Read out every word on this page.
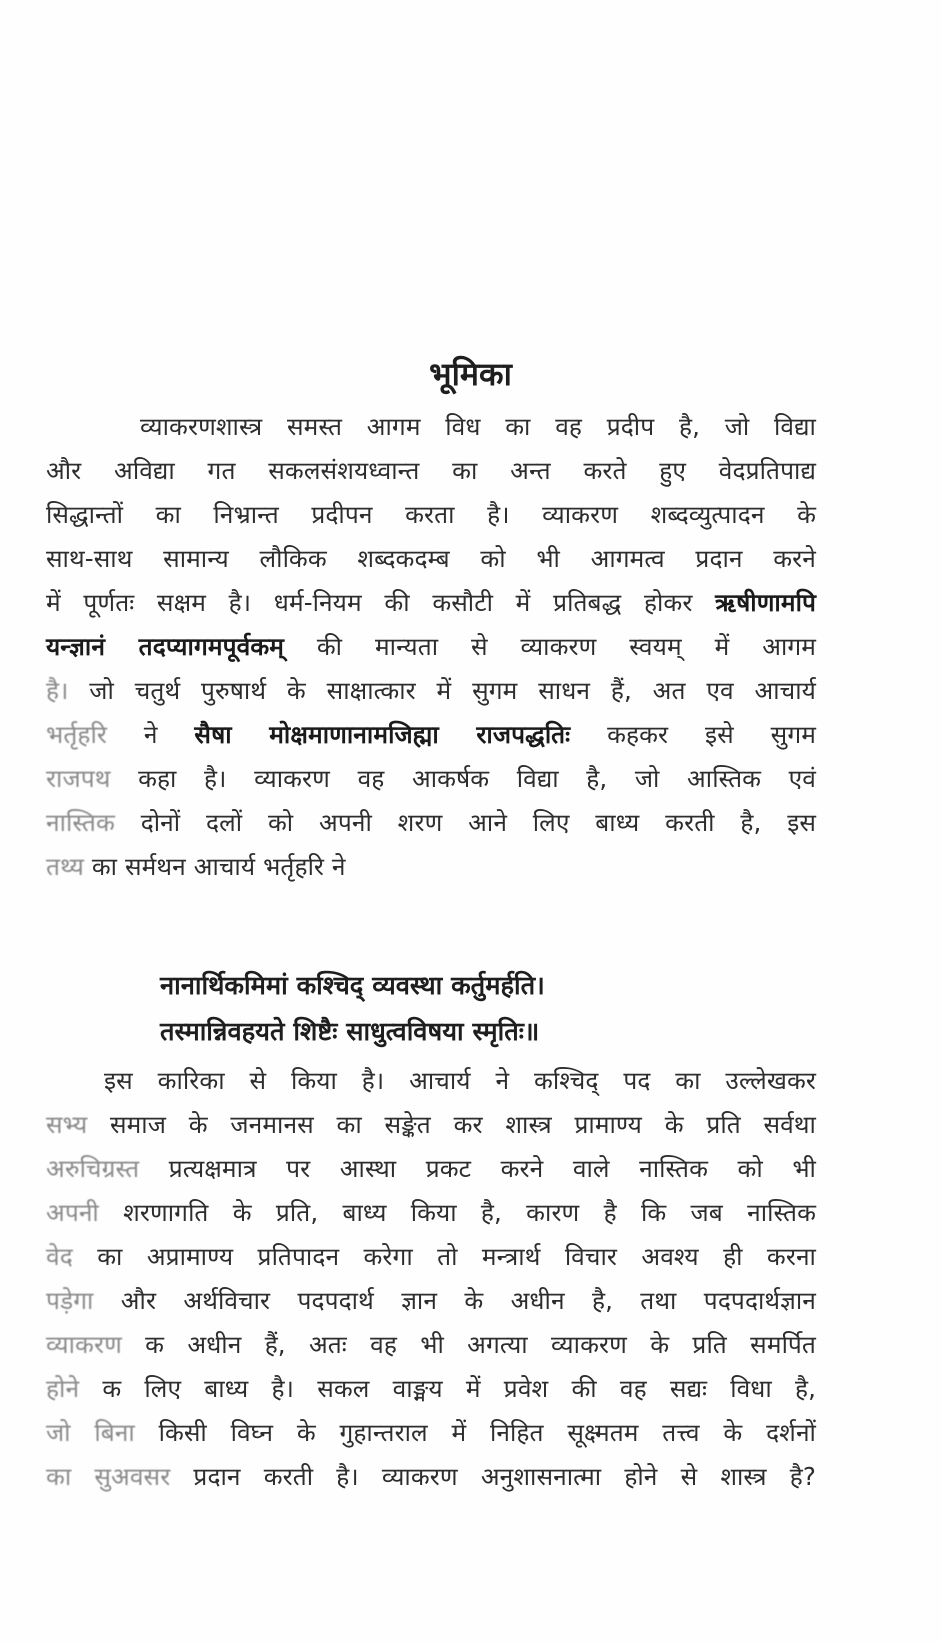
भूमिका
व्याकरणशास्त्र समस्त आगम विध का वह प्रदीप है, जो विद्या
और अविद्या गत सकलसंशयध्वान्त का अन्त करते हुए वेदप्रतिपाद्य
सिद्धान्तों का निभ्रान्त प्रदीपन करता है। व्याकरण शब्दव्युत्पादन के
साथ-साथ सामान्य लौकिक शब्दकदम्ब को भी आगमत्व प्रदान करने
में पूर्णतः सक्षम है। धर्म-नियम की कसौटी में प्रतिबद्ध होकर ऋषीणामपि
यन्ज्ञानं तदप्यागमपूर्वकम् की मान्यता से व्याकरण स्वयम् में आगम
है। जो चतुर्थ पुरुषार्थ के साक्षात्कार में सुगम साधन हैं, अत एव आचार्य
भर्तृहरि ने सैषा मोक्षमाणानामजिह्मा राजपद्धतिः कहकर इसे सुगम
राजपथ कहा है। व्याकरण वह आकर्षक विद्या है, जो आस्तिक एवं
नास्तिक दोनों दलों को अपनी शरण आने लिए बाध्य करती है, इस
तथ्य का सर्मथन आचार्य भर्तृहरि ने
नानार्थिकमिमां कश्चिद् व्यवस्था कर्तुमर्हति।
तस्मान्निवहयते शिष्टैः साधुत्वविषया स्मृतिः॥
इस कारिका से किया है। आचार्य ने कश्चिद् पद का उल्लेखकर
सभ्य समाज के जनमानस का सङ्केत कर शास्त्र प्रामाण्य के प्रति सर्वथा
अरुचिग्रस्त प्रत्यक्षमात्र पर आस्था प्रकट करने वाले नास्तिक को भी
अपनी शरणागति के प्रति, बाध्य किया है, कारण है कि जब नास्तिक
वेद का अप्रामाण्य प्रतिपादन करेगा तो मन्त्रार्थ विचार अवश्य ही करना
पड़ेगा और अर्थविचार पदपदार्थ ज्ञान के अधीन है, तथा पदपदार्थज्ञान
व्याकरण क अधीन हैं, अतः वह भी अगत्या व्याकरण के प्रति समर्पित
होने क लिए बाध्य है। सकल वाङ्मय में प्रवेश की वह सद्यः विधा है,
जो बिना किसी विघ्न के गुहान्तराल में निहित सूक्ष्मतम तत्त्व के दर्शनों
का सुअवसर प्रदान करती है। व्याकरण अनुशासनात्मा होने से शास्त्र है?
